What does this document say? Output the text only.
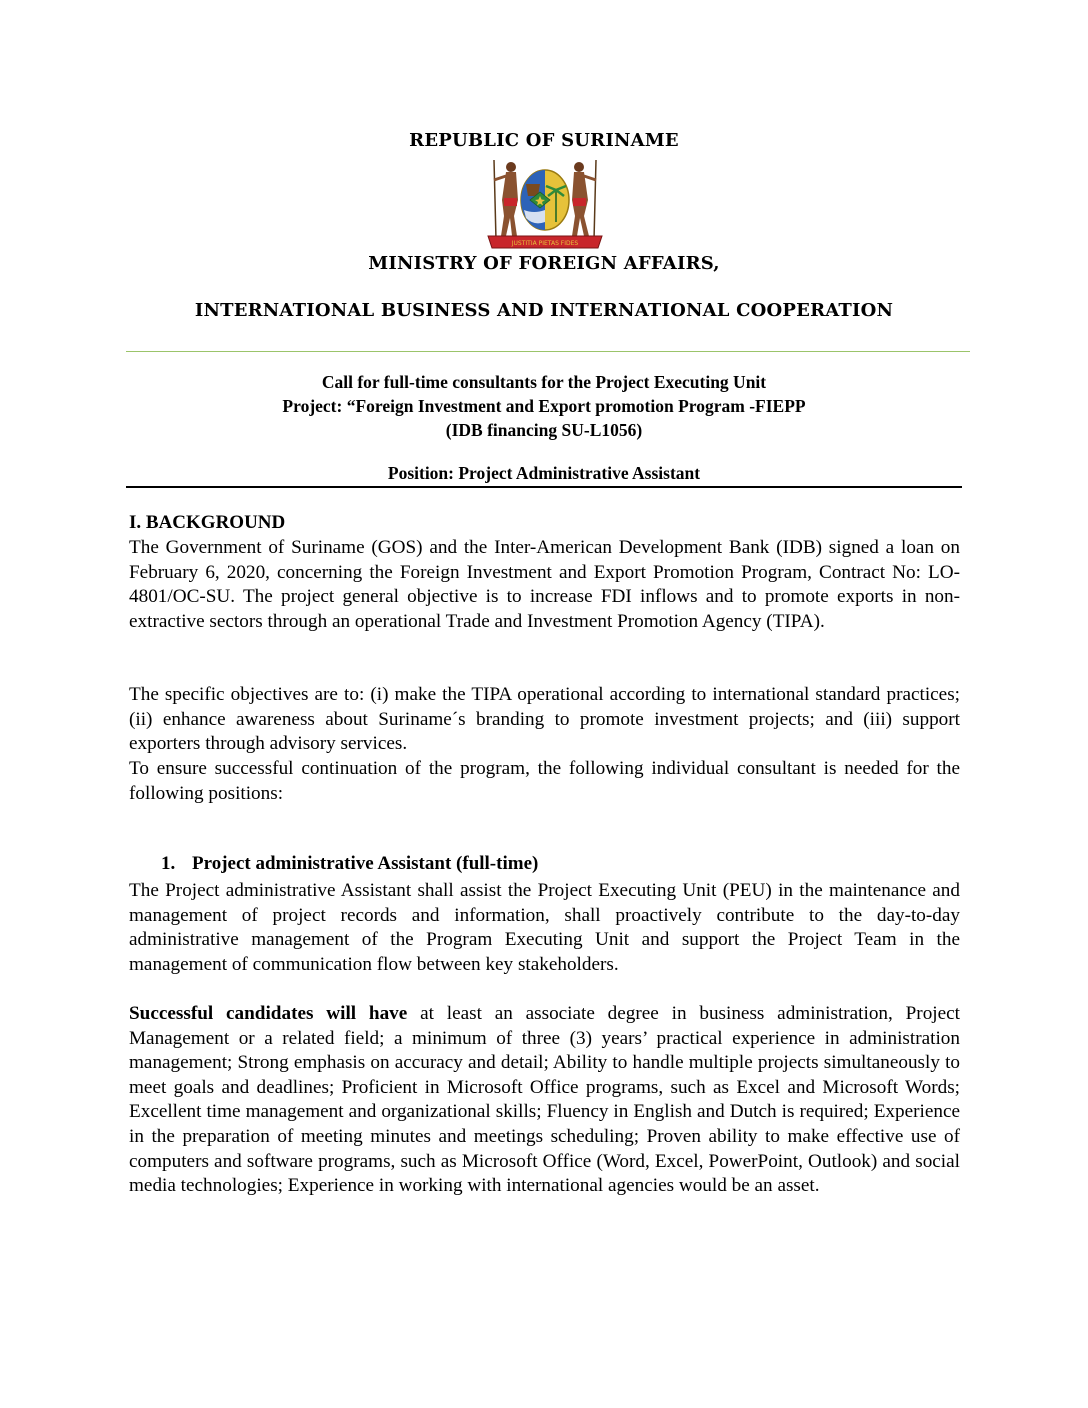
REPUBLIC OF SURINAME
JUSTITIA PIETAS FIDES
MINISTRY OF FOREIGN AFFAIRS,
INTERNATIONAL BUSINESS AND INTERNATIONAL COOPERATION
Call for full-time consultants for the Project Executing Unit
Project: “Foreign Investment and Export promotion Program -FIEPP
(IDB financing SU-L1056)
Position: Project Administrative Assistant
I. BACKGROUND

The Government of Suriname (GOS) and the Inter-American Development Bank (IDB) signed a loan on February 6, 2020, concerning the Foreign Investment and Export Promotion Program, Contract No: LO-4801/OC-SU. The project general objective is to increase FDI inflows and to promote exports in non-extractive sectors through an operational Trade and Investment Promotion Agency (TIPA).

The specific objectives are to: (i) make the TIPA operational according to international standard practices; (ii) enhance awareness about Suriname´s branding to promote investment projects; and (iii) support exporters through advisory services.

To ensure successful continuation of the program, the following individual consultant is needed for the following positions:

1. Project administrative Assistant (full-time)

The Project administrative Assistant shall assist the Project Executing Unit (PEU) in the maintenance and management of project records and information, shall proactively contribute to the day-to-day administrative management of the Program Executing Unit and support the Project Team in the management of communication flow between key stakeholders.

Successful candidates will have at least an associate degree in business administration, Project Management or a related field; a minimum of three (3) years’ practical experience in administration management; Strong emphasis on accuracy and detail; Ability to handle multiple projects simultaneously to meet goals and deadlines; Proficient in Microsoft Office programs, such as Excel and Microsoft Words; Excellent time management and organizational skills; Fluency in English and Dutch is required; Experience in the preparation of meeting minutes and meetings scheduling; Proven ability to make effective use of computers and software programs, such as Microsoft Office (Word, Excel, PowerPoint, Outlook) and social media technologies; Experience in working with international agencies would be an asset.
